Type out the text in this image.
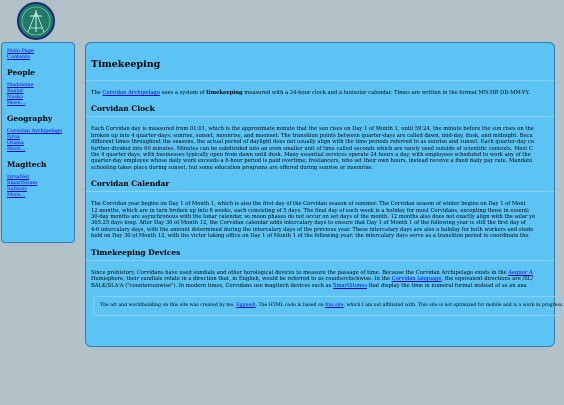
Main Page
Contents
People
Madeleine
Rasiar
Nasko
More...
Geography
Corvidan Archipelago
Iyrsa
Otama
More...
Magitech
IyrsaNet
SmartStone
Subway
More...
Timekeeping

The Corvidan Archipelago uses a system of timekeeping measured with a 24-hour clock and a lunisolar calendar. Times are written in the format MN:HR DD-MM-YY.

Corvidan Clock

Each Corvidan day is measured from 01:01, which is the approximate minute that the sun rises on Day 1 of Month 1, until 59:24, the minute before the sun rises on the
broken up into 4 quarter-days: sunrise, sunset, moonrise, and moonset. The transition points between quarter-days are called dawn, mid-day, dusk, and midnight. Beca
different times throughout the seasons, the actual period of daylight does not usually align with the time periods referred to as sunrise and sunset. Each quarter-day co
further divided into 60 minutes. Minutes can be subdivided into an even smaller unit of time called seconds which are rarely used outside of scientific contexts. Most C
the 4 quarter-days, with businesses typically open from dawn until dusk. Many essential services operate 24 hours a day, with employees scheduled to work any of the
quarter-day employee whose daily work exceeds a 6-hour period is paid overtime; freelancers, who set their own hours, instead receive a fixed daily pay rate. Mandato
schooling takes place during sunset, but some education programs are offered during sunrise or moonrise.

Corvidan Calendar

The Corvidan year begins on Day 1 of Month 1, which is also the first day of the Corvidan season of summer. The Corvidan season of winter begins on Day 1 of Mont
12 months, which are in turn broken up into 6 weeks, each consisting of 5 days. The final day of each week is a holiday for most Corvidans, excepting those in essenti
30-day months are asynchronous with the lunar calendar, so moon phases do not occur on set days of the month. 12 months also does not exactly align with the solar ye
365.25 days long. After Day 30 of Month 12, the Corvidan calendar adds intercalary days to ensure that Day 1 of Month 1 of the following year is still the first day of
4-6 intercalary days, with the amount determined during the intercalary days of the previous year. These intercalary days are also a holiday for both workers and stude
held on Day 30 of Month 12, with the victor taking office on Day 1 of Month 1 of the following year; the intercalary days serve as a transition period to coordinate the

Timekeeping Devices

Since prehistory, Corvidans have used sundials and other horological devices to measure the passage of time. Because the Corvidan Archipelago exists in the Aequor A
Hemisphere, their sundials rotate in a direction that, in English, would be referred to as counterclockwise. In the Corvidan language, the equivalent directions are /SL/
BALK/SLA'A ("countersunwise"). In modern times, Corvidans use magitech devices such as SmartStones that display the time in numeral format instead of as an ana

The art and worldbuilding on this site was created by me, Eggnedl. The HTML code is based on this site, which I am not affiliated with. This site is not optimized for mobile and is a work in progress.
